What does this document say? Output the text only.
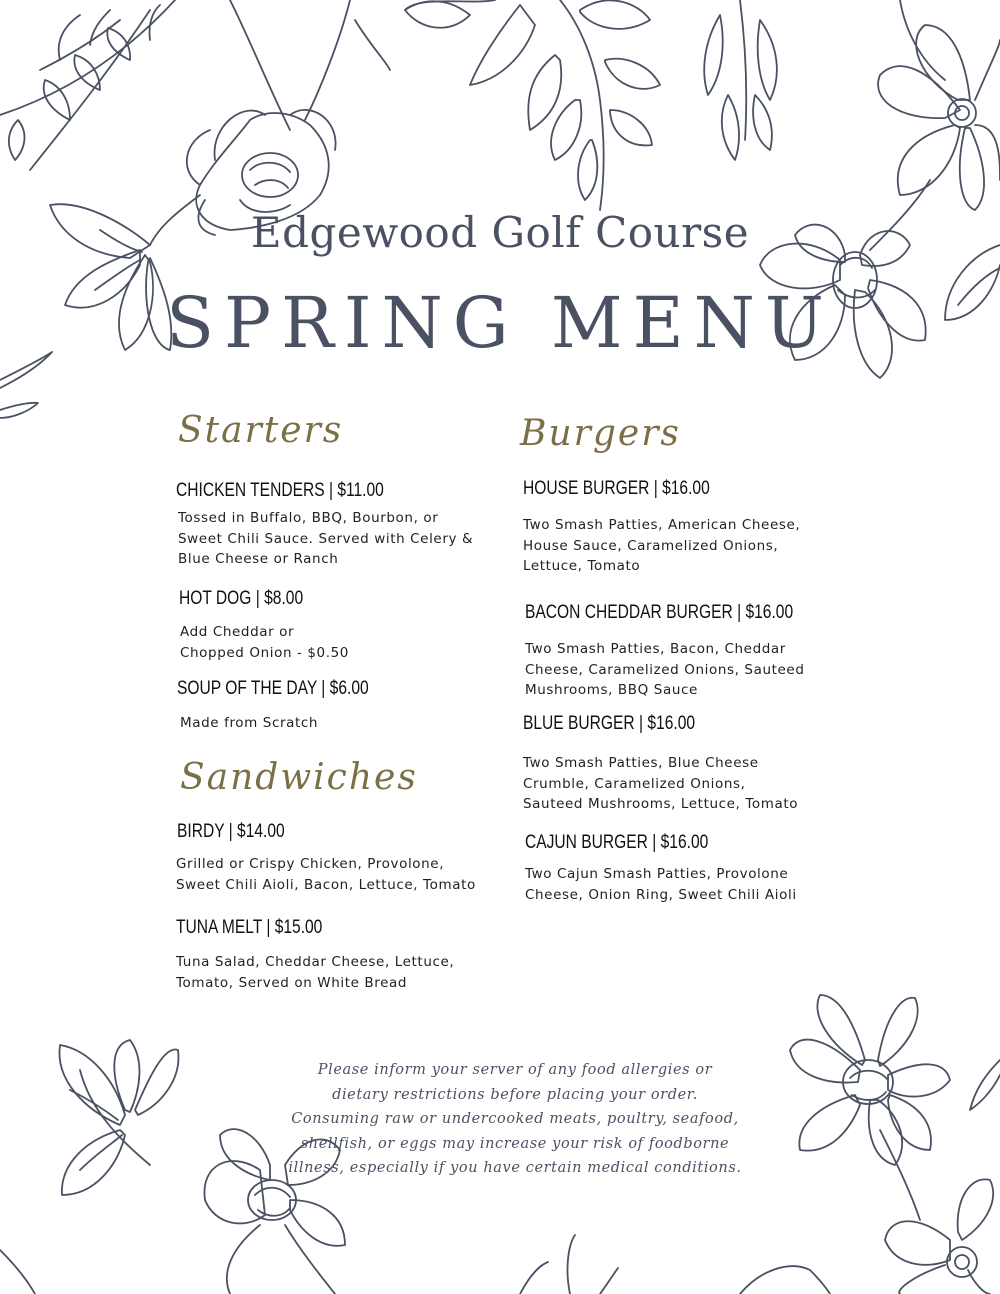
Edgewood Golf Course
SPRING MENU
Starters
CHICKEN TENDERS | $11.00
Tossed in Buffalo, BBQ, Bourbon, or
Sweet Chili Sauce. Served with Celery &
Blue Cheese or Ranch
HOT DOG | $8.00
Add Cheddar or
Chopped Onion - $0.50
SOUP OF THE DAY | $6.00
Made from Scratch
Sandwiches
BIRDY | $14.00
Grilled or Crispy Chicken, Provolone,
Sweet Chili Aioli, Bacon, Lettuce, Tomato
TUNA MELT | $15.00
Tuna Salad, Cheddar Cheese, Lettuce,
Tomato, Served on White Bread
Burgers
HOUSE BURGER | $16.00
Two Smash Patties, American Cheese,
House Sauce, Caramelized Onions,
Lettuce, Tomato
BACON CHEDDAR BURGER | $16.00
Two Smash Patties, Bacon, Cheddar
Cheese, Caramelized Onions, Sauteed
Mushrooms, BBQ Sauce
BLUE BURGER | $16.00
Two Smash Patties, Blue Cheese
Crumble, Caramelized Onions,
Sauteed Mushrooms, Lettuce, Tomato
CAJUN BURGER | $16.00
Two Cajun Smash Patties, Provolone
Cheese, Onion Ring, Sweet Chili Aioli
Please inform your server of any food allergies or
dietary restrictions before placing your order.
Consuming raw or undercooked meats, poultry, seafood,
shellfish, or eggs may increase your risk of foodborne
illness, especially if you have certain medical conditions.
